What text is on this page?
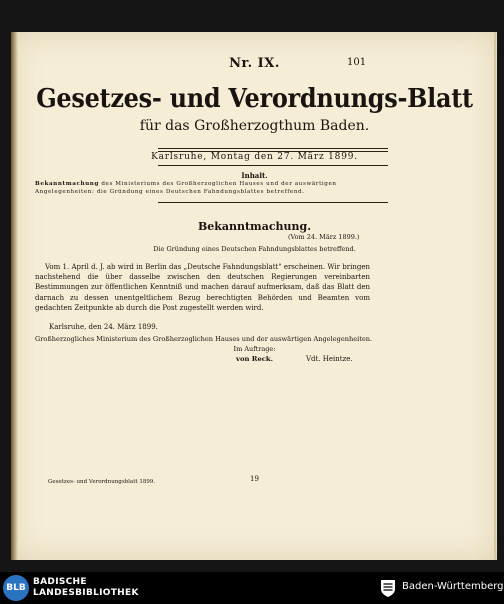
Nr. IX.	101
Gesetzes- und Verordnungs-Blatt
für das Großherzogthum Baden.
Karlsruhe, Montag den 27. März 1899.
Inhalt.
Bekanntmachung des Ministeriums des Großherzoglichen Hauses und der auswärtigen Angelegenheiten: die Gründung eines Deutschen Fahndungsblattes betreffend.
Bekanntmachung.
(Vom 24. März 1899.)
Die Gründung eines Deutschen Fahndungsblattes betreffend.

Vom 1. April d. J. ab wird in Berlin das „Deutsche Fahndungsblatt" erscheinen. Wir bringen nachstehend die über dasselbe zwischen den deutschen Regierungen vereinbarten Bestimmungen zur öffentlichen Kenntniß und machen darauf aufmerksam, daß das Blatt den darnach zu dessen unentgeltlichem Bezug berechtigten Behörden und Beamten vom gedachten Zeitpunkte ab durch die Post zugestellt werden wird.

Karlsruhe, den 24. März 1899.
Großherzogliches Ministerium des Großherzoglichen Hauses und der auswärtigen Angelegenheiten.
Im Auftrage:
von Reck.	Vdt. Heintze.
Gesetzes- und Verordnungsblatt 1899.	19
BLB
BADISCHE
LANDESBIBLIOTHEK
Baden-Württemberg
